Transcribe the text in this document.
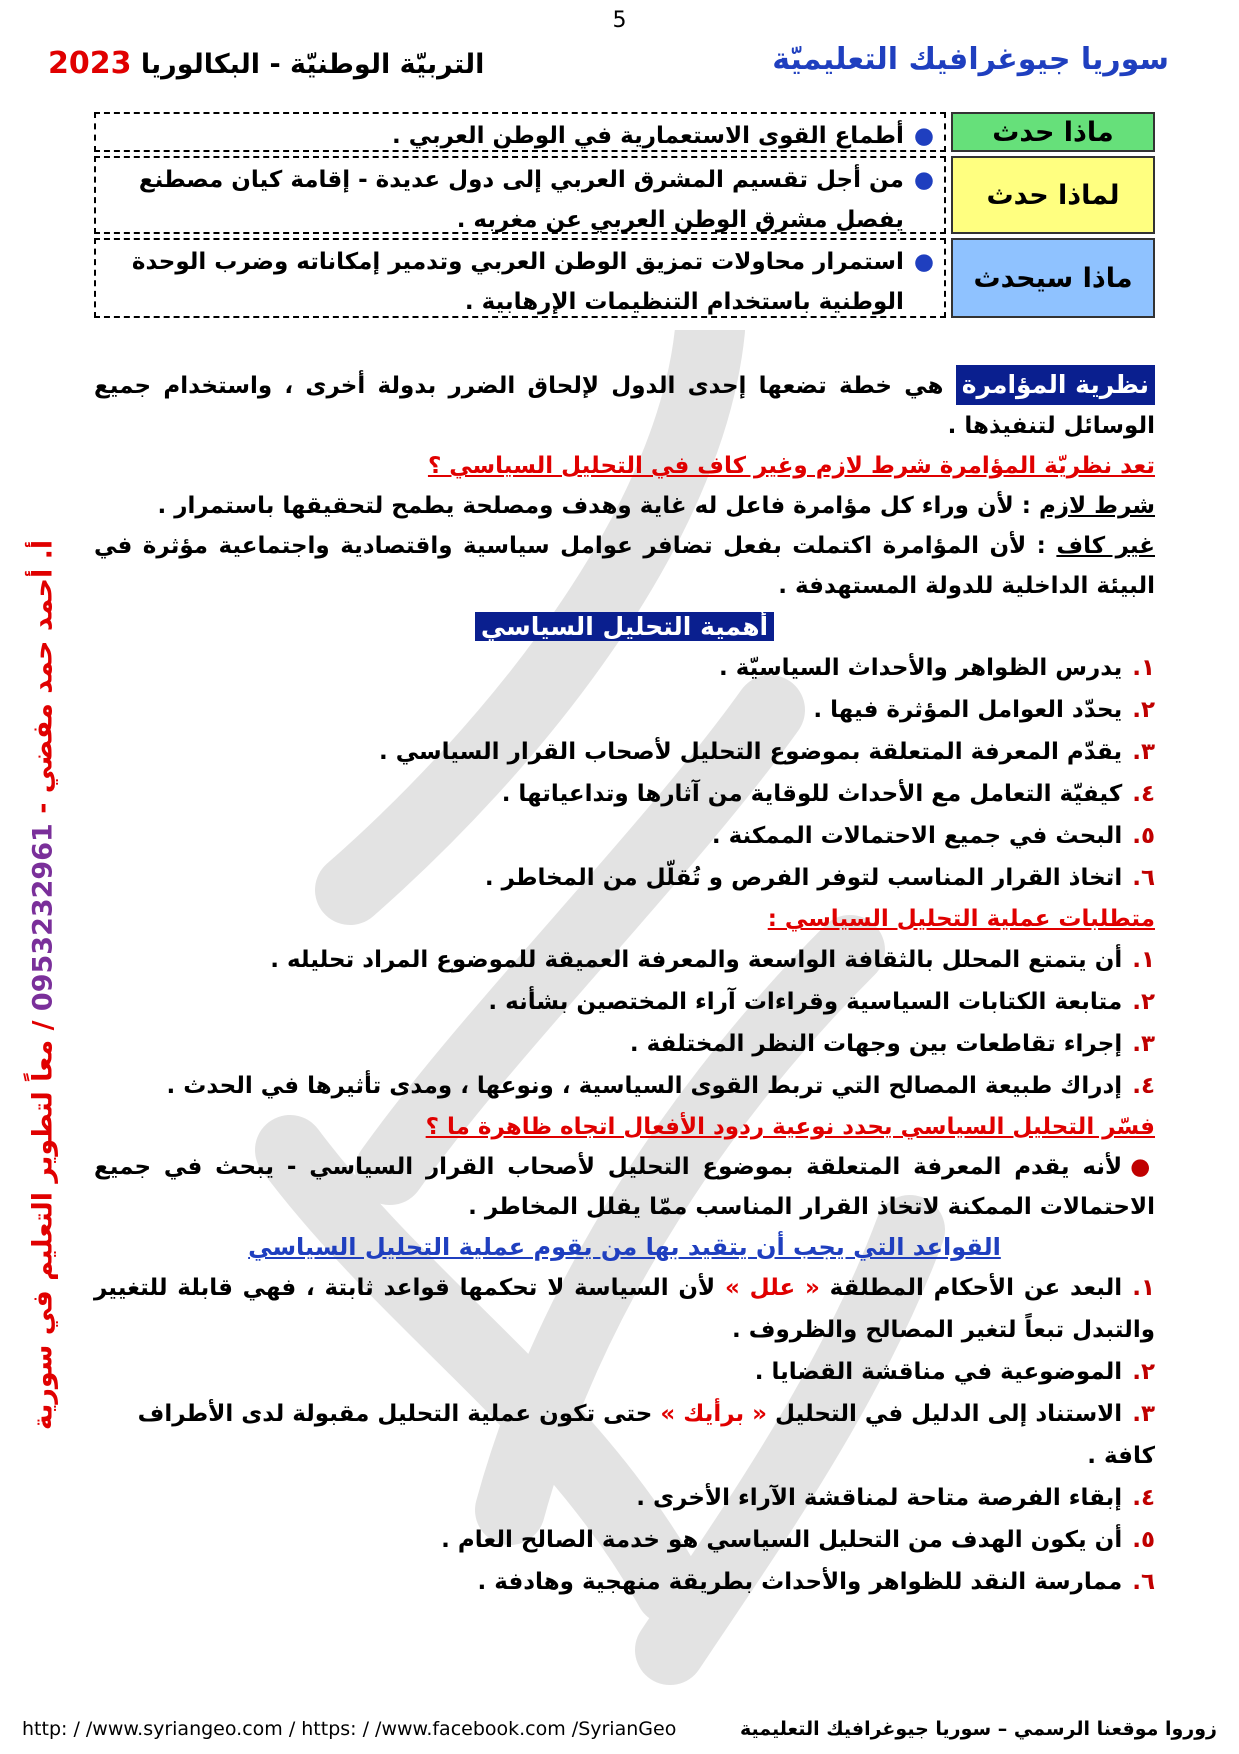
5
سوريا جيوغرافيك التعليميّة
التربيّة الوطنيّة - البكالوريا 2023
أ. أحمد حمد مفضي - 0953232961 / معاً لتطوير التعليم في سورية
ماذا حدث
●
أطماع القوى الاستعمارية في الوطن العربي .
لماذا حدث
●
من أجل تقسيم المشرق العربي إلى دول عديدة - إقامة كيان مصطنع يفصل مشرق الوطن العربي عن مغربه .
ماذا سيحدث
●
استمرار محاولات تمزيق الوطن العربي وتدمير إمكاناته وضرب الوحدة الوطنية باستخدام التنظيمات الإرهابية .
نظرية المؤامرة هي خطة تضعها إحدى الدول لإلحاق الضرر بدولة أخرى ، واستخدام جميع الوسائل لتنفيذها .
تعد نظريّة المؤامرة شرط لازم وغير كاف في التحليل السياسي ؟
شرط لازم : لأن وراء كل مؤامرة فاعل له غاية وهدف ومصلحة يطمح لتحقيقها باستمرار .
غير كاف : لأن المؤامرة اكتملت بفعل تضافر عوامل سياسية واقتصادية واجتماعية مؤثرة في البيئة الداخلية للدولة المستهدفة .
أهمية التحليل السياسي
١.يدرس الظواهر والأحداث السياسيّة .
٢.يحدّد العوامل المؤثرة فيها .
٣.يقدّم المعرفة المتعلقة بموضوع التحليل لأصحاب القرار السياسي .
٤.كيفيّة التعامل مع الأحداث للوقاية من آثارها وتداعياتها .
٥.البحث في جميع الاحتمالات الممكنة .
٦.اتخاذ القرار المناسب لتوفر الفرص و تُقلّل من المخاطر .
متطلبات عملية التحليل السياسي :
١.أن يتمتع المحلل بالثقافة الواسعة والمعرفة العميقة للموضوع المراد تحليله .
٢.متابعة الكتابات السياسية وقراءات آراء المختصين بشأنه .
٣.إجراء تقاطعات بين وجهات النظر المختلفة .
٤.إدراك طبيعة المصالح التي تربط القوى السياسية ، ونوعها ، ومدى تأثيرها في الحدث .
فسّر التحليل السياسي يحدد نوعية ردود الأفعال اتجاه ظاهرة ما ؟
●لأنه يقدم المعرفة المتعلقة بموضوع التحليل لأصحاب القرار السياسي - يبحث في جميع الاحتمالات الممكنة لاتخاذ القرار المناسب ممّا يقلل المخاطر .
القواعد التي يجب أن يتقيد بها من يقوم عملية التحليل السياسي
١.البعد عن الأحكام المطلقة « علل » لأن السياسة لا تحكمها قواعد ثابتة ، فهي قابلة للتغيير والتبدل تبعاً لتغير المصالح والظروف .
٢.الموضوعية في مناقشة القضايا .
٣.الاستناد إلى الدليل في التحليل « برأيك » حتى تكون عملية التحليل مقبولة لدى الأطراف كافة .
٤.إبقاء الفرصة متاحة لمناقشة الآراء الأخرى .
٥.أن يكون الهدف من التحليل السياسي هو خدمة الصالح العام .
٦.ممارسة النقد للظواهر والأحداث بطريقة منهجية وهادفة .
http: / /www.syriangeo.com / https: / /www.facebook.com /SyrianGeo	زوروا موقعنا الرسمي – سوريا جيوغرافيك التعليمية
